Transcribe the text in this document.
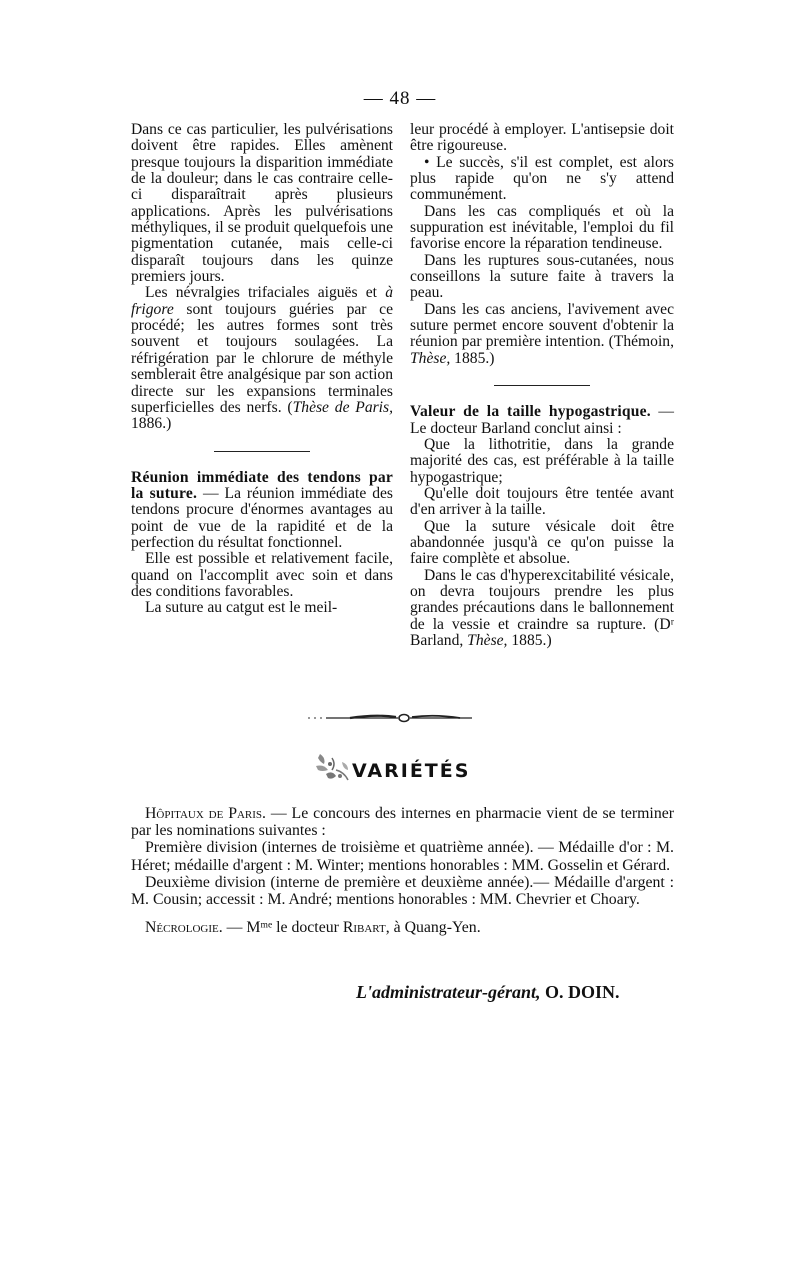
— 48 —

Dans ce cas particulier, les pulvérisations doivent être rapides. Elles amènent presque toujours la disparition immédiate de la douleur; dans le cas contraire celle-ci disparaîtrait après plusieurs applications. Après les pulvérisations méthyliques, il se produit quelquefois une pigmentation cutanée, mais celle-ci disparaît toujours dans les quinze premiers jours.

Les névralgies trifaciales aiguës et à frigore sont toujours guéries par ce procédé; les autres formes sont très souvent et toujours soulagées. La réfrigération par le chlorure de méthyle semblerait être analgésique par son action directe sur les expansions terminales superficielles des nerfs. (Thèse de Paris, 1886.)

Réunion immédiate des tendons par la suture. — La réunion immédiate des tendons procure d'énormes avantages au point de vue de la rapidité et de la perfection du résultat fonctionnel.

Elle est possible et relativement facile, quand on l'accomplit avec soin et dans des conditions favorables.

La suture au catgut est le meil-

leur procédé à employer. L'antisepsie doit être rigoureuse.

• Le succès, s'il est complet, est alors plus rapide qu'on ne s'y attend communément.

Dans les cas compliqués et où la suppuration est inévitable, l'emploi du fil favorise encore la réparation tendineuse.

Dans les ruptures sous-cutanées, nous conseillons la suture faite à travers la peau.

Dans les cas anciens, l'avivement avec suture permet encore souvent d'obtenir la réunion par première intention. (Thémoin, Thèse, 1885.)

Valeur de la taille hypogastrique. — Le docteur Barland conclut ainsi :

Que la lithotritie, dans la grande majorité des cas, est préférable à la taille hypogastrique;

Qu'elle doit toujours être tentée avant d'en arriver à la taille.

Que la suture vésicale doit être abandonnée jusqu'à ce qu'on puisse la faire complète et absolue.

Dans le cas d'hyperexcitabilité vésicale, on devra toujours prendre les plus grandes précautions dans le ballonnement de la vessie et craindre sa rupture. (Dʳ Barland, Thèse, 1885.)

VARIÉTÉS

Hôpitaux de Paris. — Le concours des internes en pharmacie vient de se terminer par les nominations suivantes :

Première division (internes de troisième et quatrième année). — Médaille d'or : M. Héret; médaille d'argent : M. Winter; mentions honorables : MM. Gosselin et Gérard.

Deuxième division (interne de première et deuxième année).— Médaille d'argent : M. Cousin; accessit : M. André; mentions honorables : MM. Chevrier et Choary.

Nécrologie. — Mᵐᵉ le docteur Ribart, à Quang-Yen.

L'administrateur-gérant, O. DOIN.
